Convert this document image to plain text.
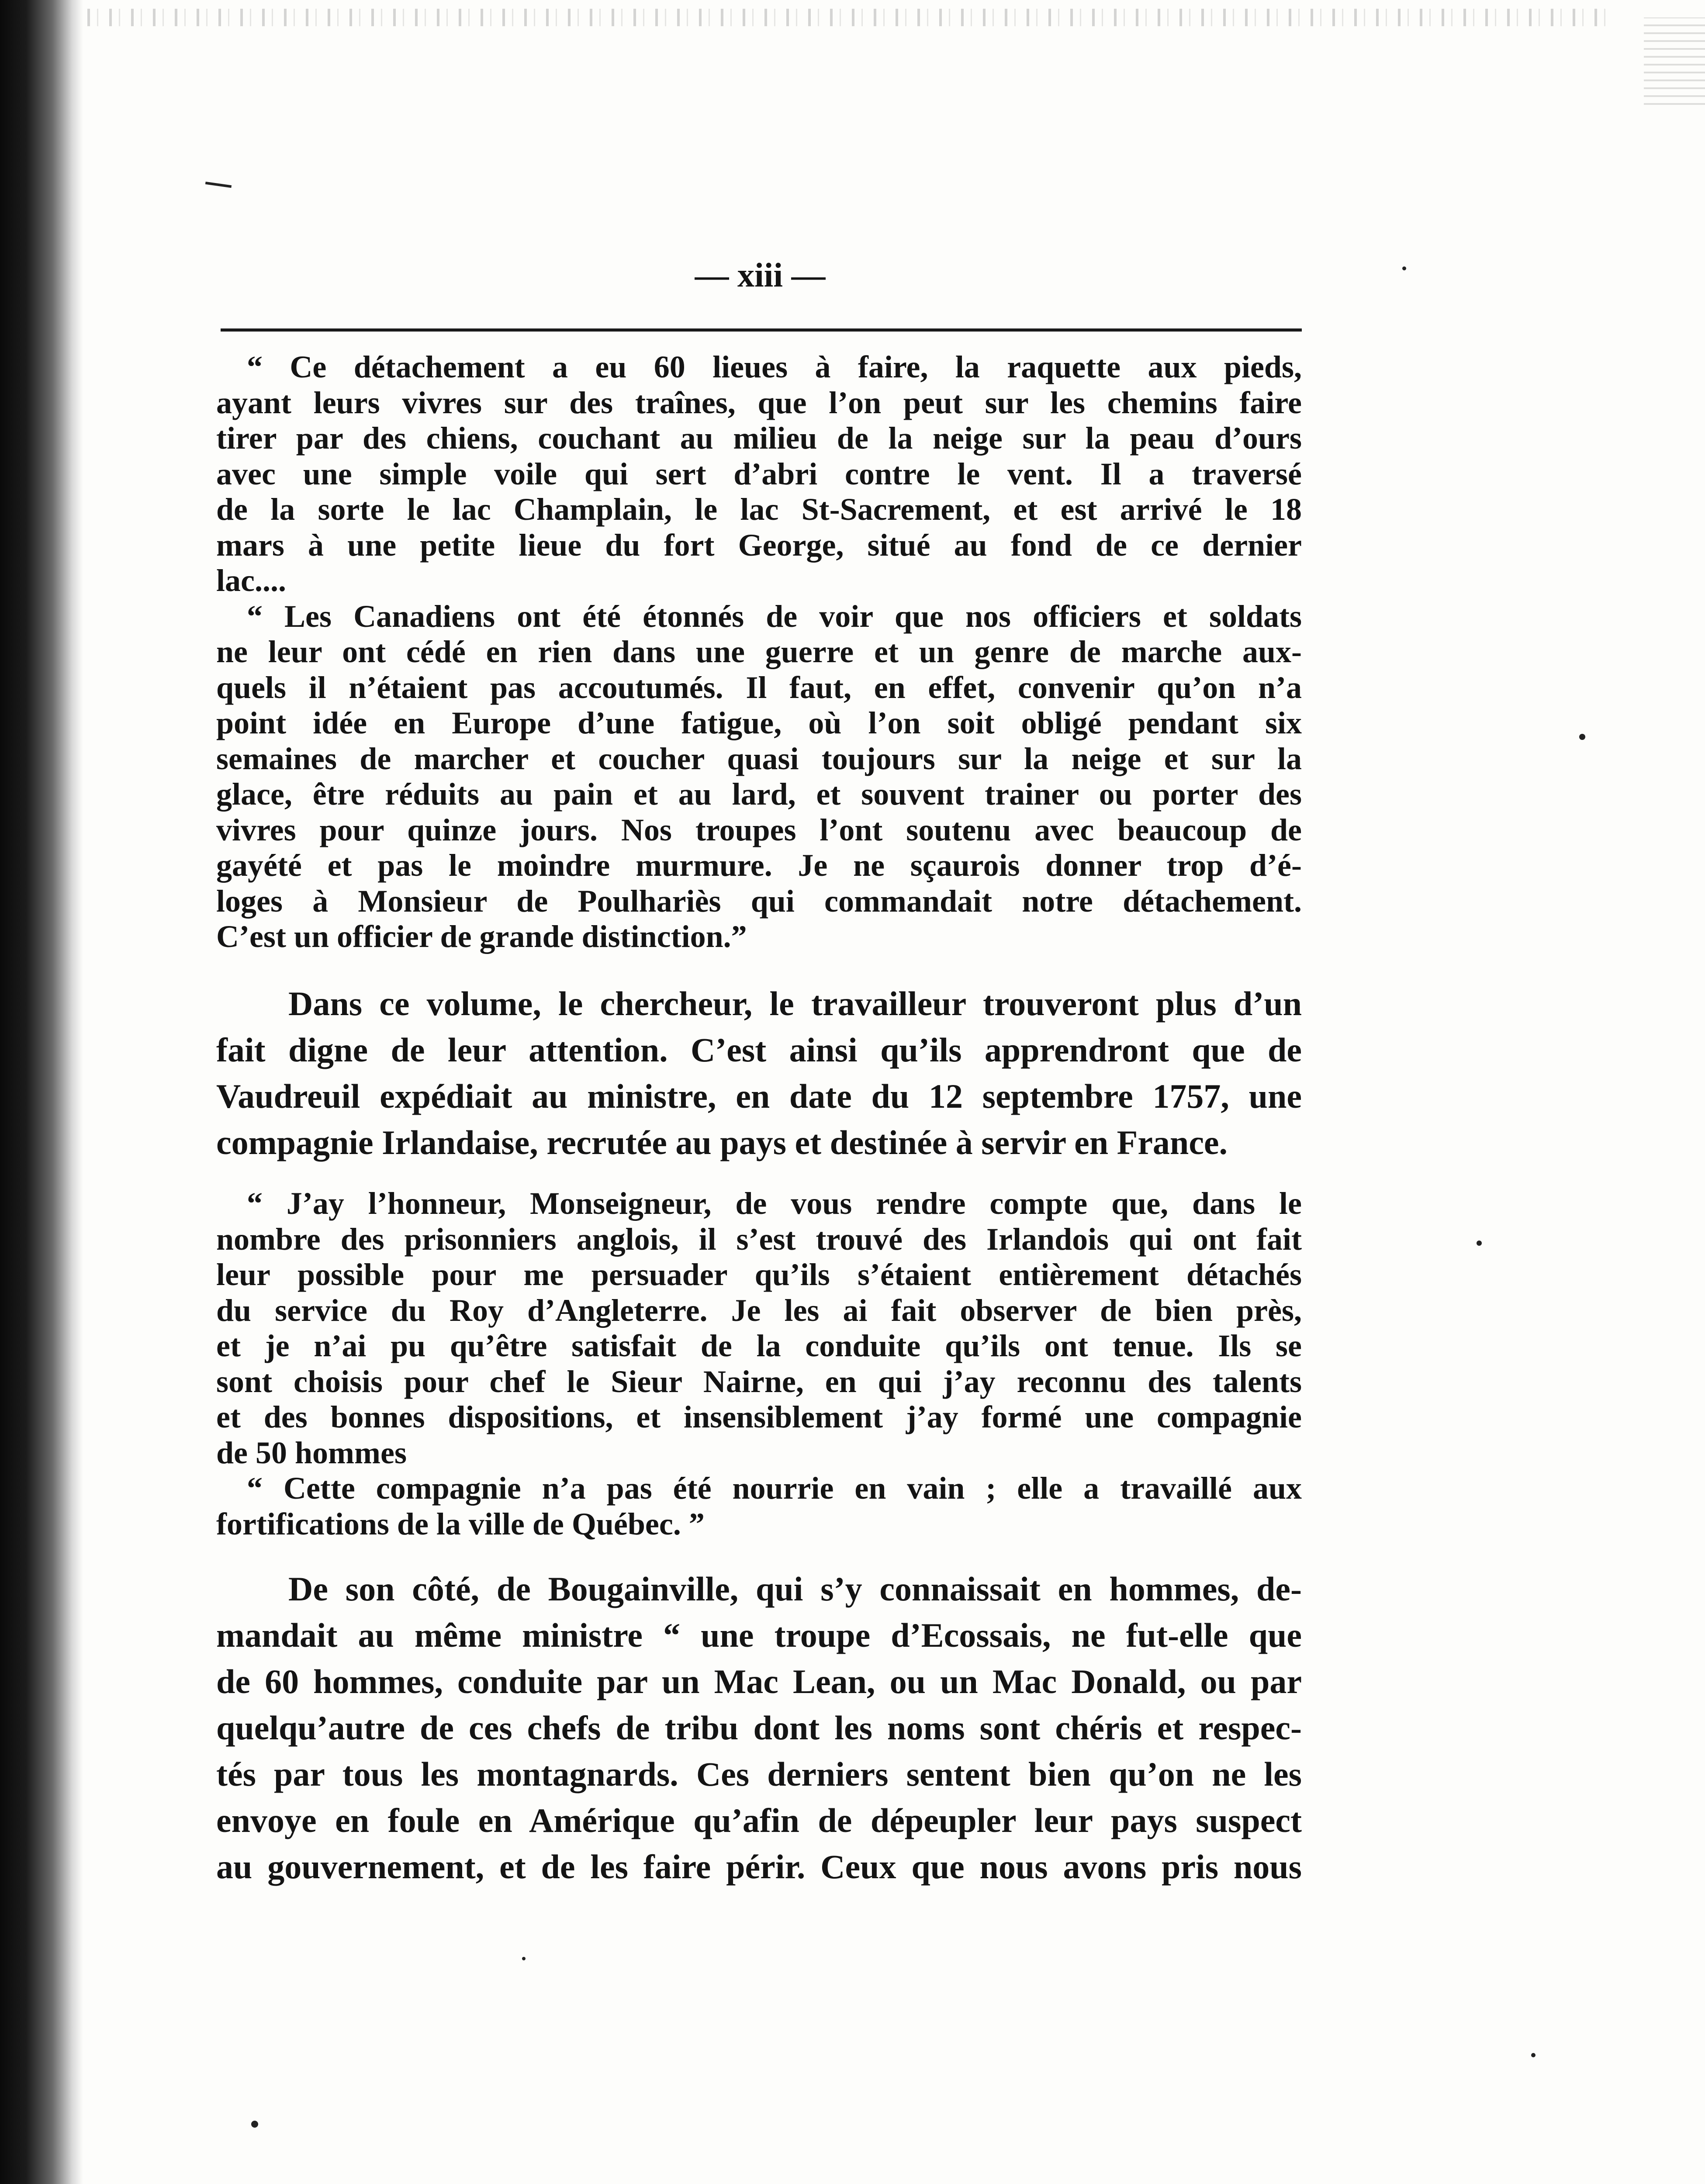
— xiii —
“ Ce détachement a eu 60 lieues à faire, la raquette aux pieds,
ayant leurs vivres sur des traînes, que l’on peut sur les chemins faire
tirer par des chiens, couchant au milieu de la neige sur la peau d’ours
avec une simple voile qui sert d’abri contre le vent. Il a traversé
de la sorte le lac Champlain, le lac St-Sacrement, et est arrivé le 18
mars à une petite lieue du fort George, situé au fond de ce dernier
lac....
“ Les Canadiens ont été étonnés de voir que nos officiers et soldats
ne leur ont cédé en rien dans une guerre et un genre de marche aux-
quels il n’étaient pas accoutumés. Il faut, en effet, convenir qu’on n’a
point idée en Europe d’une fatigue, où l’on soit obligé pendant six
semaines de marcher et coucher quasi toujours sur la neige et sur la
glace, être réduits au pain et au lard, et souvent trainer ou porter des
vivres pour quinze jours. Nos troupes l’ont soutenu avec beaucoup de
gayété et pas le moindre murmure. Je ne sçaurois donner trop d’é-
loges à Monsieur de Poulhariès qui commandait notre détachement.
C’est un officier de grande distinction.”
Dans ce volume, le chercheur, le travailleur trouveront plus d’un
fait digne de leur attention. C’est ainsi qu’ils apprendront que de
Vaudreuil expédiait au ministre, en date du 12 septembre 1757, une
compagnie Irlandaise, recrutée au pays et destinée à servir en France.
“ J’ay l’honneur, Monseigneur, de vous rendre compte que, dans le
nombre des prisonniers anglois, il s’est trouvé des Irlandois qui ont fait
leur possible pour me persuader qu’ils s’étaient entièrement détachés
du service du Roy d’Angleterre. Je les ai fait observer de bien près,
et je n’ai pu qu’être satisfait de la conduite qu’ils ont tenue. Ils se
sont choisis pour chef le Sieur Nairne, en qui j’ay reconnu des talents
et des bonnes dispositions, et insensiblement j’ay formé une compagnie
de 50 hommes
“ Cette compagnie n’a pas été nourrie en vain ; elle a travaillé aux
fortifications de la ville de Québec. ”
De son côté, de Bougainville, qui s’y connaissait en hommes, de-
mandait au même ministre “ une troupe d’Ecossais, ne fut-elle que
de 60 hommes, conduite par un Mac Lean, ou un Mac Donald, ou par
quelqu’autre de ces chefs de tribu dont les noms sont chéris et respec-
tés par tous les montagnards. Ces derniers sentent bien qu’on ne les
envoye en foule en Amérique qu’afin de dépeupler leur pays suspect
au gouvernement, et de les faire périr. Ceux que nous avons pris nous
